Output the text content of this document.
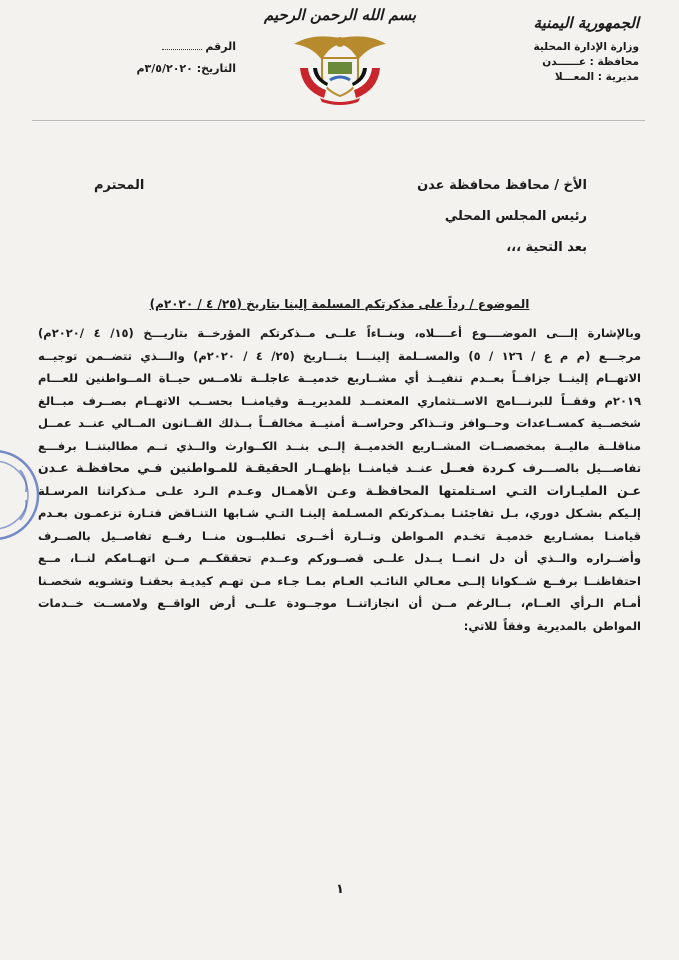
الجمهورية اليمنية
وزارة الإدارة المحلية
محافظة : عــــــدن
مديرية : المعـــلا
بسم الله الرحمن الرحيم
الرقم
التاريخ: ٣/٥/٢٠٢٠م
الأخ / محافظ محافظة عدن
رئيس المجلس المحلي
بعد التحية ،،،
المحترم
الموضوع / رداً على مذكرتكم المسلمة إلينا بتاريخ (٢٥/ ٤ / ٢٠٢٠م)
وبالإشارة إلـــى الموضــــوع أعــــلاه، وبنــاءاً علــى مــذكرتكم المؤرخــة بتاريـــخ (١٥/ ٤ /٢٠٢٠م) مرجـــع (م م ع / ١٢٦ / ٥) والمســلمة إلينـــا بتـــاريخ (٢٥/ ٤ / ٢٠٢٠م) والـــذي تتضــمن توجيــه الاتهــام إلينــا جزافــاً بعــدم تنفيــذ أي مشــاريع خدميــة عاجلــة تلامــس حيــاة المــواطنين للعـــام ٢٠١٩م وفقــاً للبرنـــامج الاســتثماري المعتمــد للمديريــة وقيامنــا بحســب الاتهــام بصــرف مبــالغ شخصــية كمســاعدات وحــوافز وتــذاكر وحراســة أمنيــة مخالفــاً بــذلك القــانون المــالي عنــد عمــل مناقلــة ماليــة بمخصصــات المشــاريع الخدميــة إلــى بنــد الكــوارث والــذي تــم مطالبتنــا برفـــع تفاصـــيل بالصـــرف كـردة فعــل عنــد قيامنــا بإظهــار الحقيقـة للمـواطنين فـي محافظـة عـدن عـن المليـارات التـي اسـتلمتها المحافظـة وعـن الأهمـال وعـدم الـرد علـى مـذكراتنا المرسـلة إلـيكم بشـكل دوري، بـل تفاجئنـا بمـذكرتكم المسـلمة إلينـا التـي شـابها التنـاقض فتـارة تزعمـون بعـدم قيامنـا بمشـاريع خدميـة تخـدم المـواطن وتــارة أخــرى تطلبــون منــا رفــع تفاصــيل بالصــرف وأضــراره والــذي أن دل انمــا يــدل علــى قصــوركم وعــدم تحققكــم مــن اتهــامكم لنــا، مــع احتفاظنــا برفــع شــكوانا إلــى معـالي النائـب العـام بمـا جـاء مـن تهـم كيديـة بحقنـا وتشـويه شخصـنا أمـام الـرأي العــام، بــالرغم مــن أن انجازاتنــا موجــودة علــى أرض الواقــع ولامســت خــدمات المواطن بالمديرية وفقاً للاتي:
١
